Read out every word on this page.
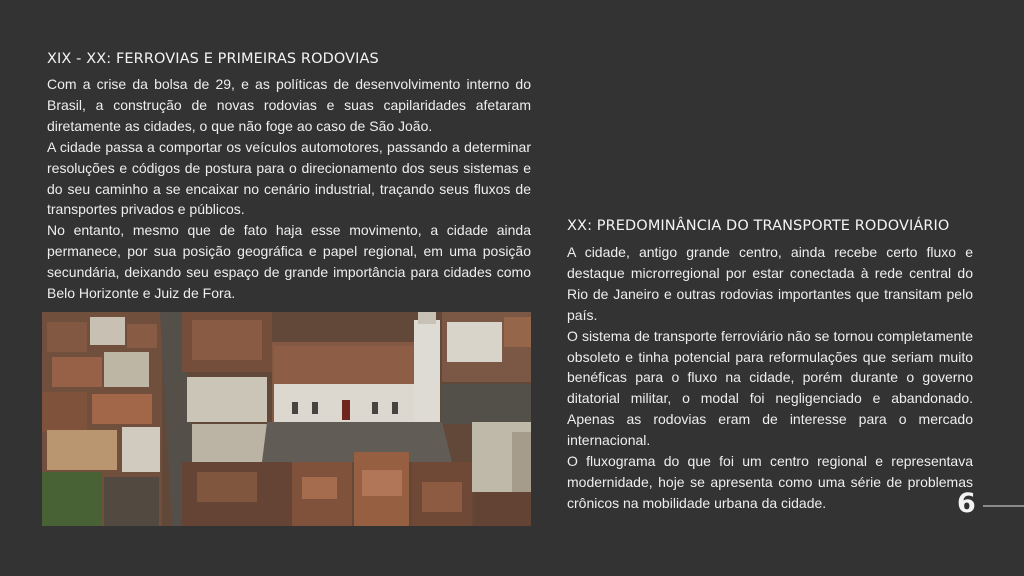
XIX - XX: FERROVIAS E PRIMEIRAS RODOVIAS

Com a crise da bolsa de 29, e as políticas de desenvolvimento interno do Brasil, a construção de novas rodovias e suas capilaridades afetaram diretamente as cidades, o que não foge ao caso de São João.

A cidade passa a comportar os veículos automotores, passando a determinar resoluções e códigos de postura para o direcionamento dos seus sistemas e do seu caminho a se encaixar no cenário industrial, traçando seus fluxos de transportes privados e públicos.

No entanto, mesmo que de fato haja esse movimento, a cidade ainda permanece, por sua posição geográfica e papel regional, em uma posição secundária, deixando seu espaço de grande importância para cidades como Belo Horizonte e Juiz de Fora.

XX: PREDOMINÂNCIA DO TRANSPORTE RODOVIÁRIO

A cidade, antigo grande centro, ainda recebe certo fluxo e destaque microrregional por estar conectada à rede central do Rio de Janeiro e outras rodovias importantes que transitam pelo país.

O sistema de transporte ferroviário não se tornou completamente obsoleto e tinha potencial para reformulações que seriam muito benéficas para o fluxo na cidade, porém durante o governo ditatorial militar, o modal foi negligenciado e abandonado. Apenas as rodovias eram de interesse para o mercado internacional.

O fluxograma do que foi um centro regional e representava modernidade, hoje se apresenta como uma série de problemas crônicos na mobilidade urbana da cidade.	6
